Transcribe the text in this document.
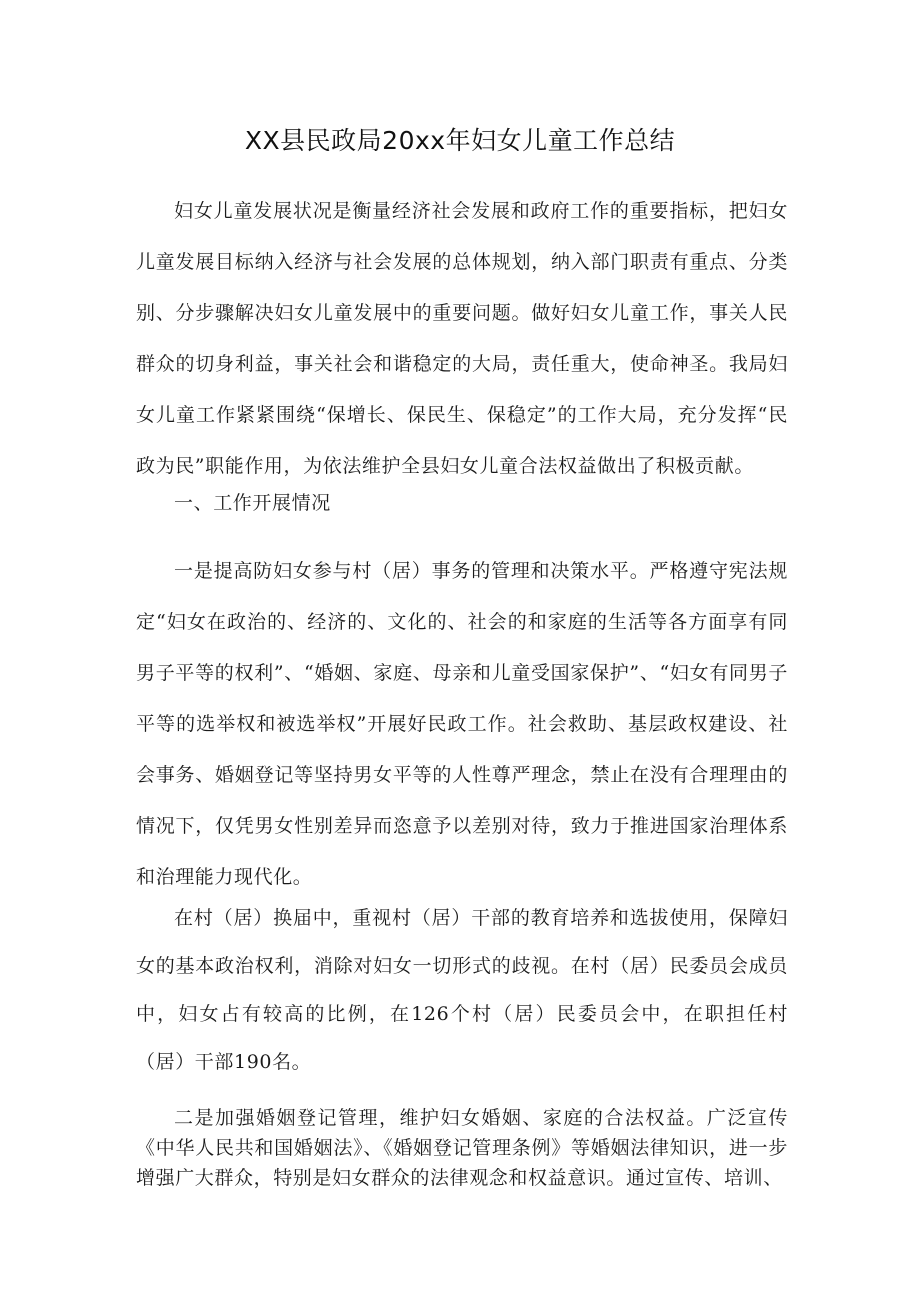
XX县民政局20xx年妇女儿童工作总结

妇女儿童发展状况是衡量经济社会发展和政府工作的重要指标，把妇女儿童发展目标纳入经济与社会发展的总体规划，纳入部门职责有重点、分类别、分步骤解决妇女儿童发展中的重要问题。做好妇女儿童工作，事关人民群众的切身利益，事关社会和谐稳定的大局，责任重大，使命神圣。我局妇女儿童工作紧紧围绕“保增长、保民生、保稳定”的工作大局，充分发挥“民政为民”职能作用，为依法维护全县妇女儿童合法权益做出了积极贡献。

一、工作开展情况

一是提高防妇女参与村（居）事务的管理和决策水平。严格遵守宪法规定“妇女在政治的、经济的、文化的、社会的和家庭的生活等各方面享有同男子平等的权利”、“婚姻、家庭、母亲和儿童受国家保护”、“妇女有同男子平等的选举权和被选举权”开展好民政工作。社会救助、基层政权建设、社会事务、婚姻登记等坚持男女平等的人性尊严理念，禁止在没有合理理由的情况下，仅凭男女性别差异而恣意予以差别对待，致力于推进国家治理体系和治理能力现代化。

在村（居）换届中，重视村（居）干部的教育培养和选拔使用，保障妇女的基本政治权利，消除对妇女一切形式的歧视。在村（居）民委员会成员中，妇女占有较高的比例，在126个村（居）民委员会中，在职担任村（居）干部190名。

二是加强婚姻登记管理，维护妇女婚姻、家庭的合法权益。广泛宣传《中华人民共和国婚姻法》、《婚姻登记管理条例》等婚姻法律知识，进一步增强广大群众，特别是妇女群众的法律观念和权益意识。通过宣传、培训、
